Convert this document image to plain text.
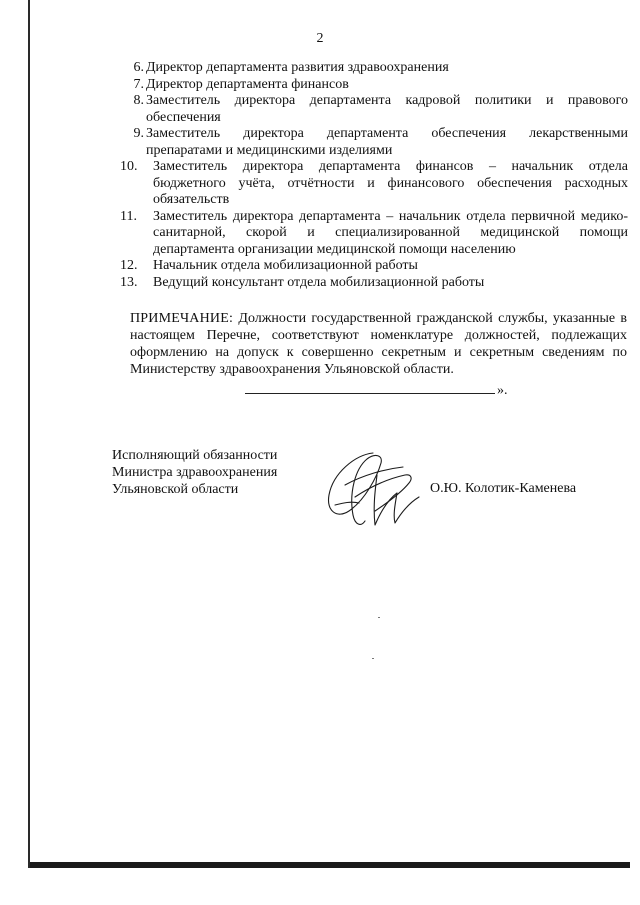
2
6. Директор департамента развития здравоохранения
7. Директор департамента финансов
8. Заместитель директора департамента кадровой политики и правового обеспечения
9. Заместитель директора департамента обеспечения лекарственными препаратами и медицинскими изделиями
10.	Заместитель директора департамента финансов – начальник отдела бюджетного учёта, отчётности и финансового обеспечения расходных обязательств
11.	Заместитель директора департамента – начальник отдела первичной медико-санитарной, скорой и специализированной медицинской помощи департамента организации медицинской помощи населению
12.	Начальник отдела мобилизационной работы
13.	Ведущий консультант отдела мобилизационной работы
ПРИМЕЧАНИЕ: Должности государственной гражданской службы, указанные в настоящем Перечне, соответствуют номенклатуре должностей, подлежащих оформлению на допуск к совершенно секретным и секретным сведениям по Министерству здравоохранения Ульяновской области.
».
Исполняющий обязанности
Министра здравоохранения
Ульяновской области	О.Ю. Колотик-Каменева
